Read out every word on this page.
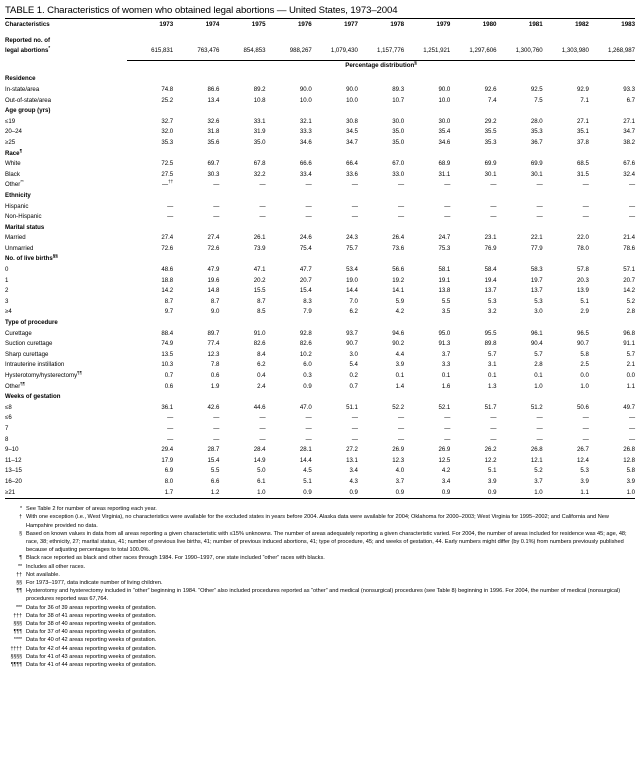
TABLE 1. Characteristics of women who obtained legal abortions — United States, 1973–2004

Characteristics	1973	1974	1975	1976	1977	1978	1979	1980	1981	1982	1983

Reported no. of											
legal abortions*	615,831	763,476	854,853	988,267	1,079,430	1,157,776	1,251,921	1,297,606	1,300,760	1,303,980	1,268,987

	Percentage distribution§

Residence											
In-state/area	74.8	86.6	89.2	90.0	90.0	89.3	90.0	92.6	92.5	92.9	93.3
Out-of-state/area	25.2	13.4	10.8	10.0	10.0	10.7	10.0	7.4	7.5	7.1	6.7
Age group (yrs)											
≤19	32.7	32.6	33.1	32.1	30.8	30.0	30.0	29.2	28.0	27.1	27.1
20–24	32.0	31.8	31.9	33.3	34.5	35.0	35.4	35.5	35.3	35.1	34.7
≥25	35.3	35.6	35.0	34.6	34.7	35.0	34.6	35.3	36.7	37.8	38.2
Race¶
White	72.5	69.7	67.8	66.6	66.4	67.0	68.9	69.9	69.9	68.5	67.6
Black	27.5	30.3	32.2	33.4	33.6	33.0	31.1	30.1	30.1	31.5	32.4
Other**	—††	—	—	—	—	—	—	—	—	—	—
Ethnicity											
Hispanic	—	—	—	—	—	—	—	—	—	—	—
Non-Hispanic	—	—	—	—	—	—	—	—	—	—	—
Marital status											
Married	27.4	27.4	26.1	24.6	24.3	26.4	24.7	23.1	22.1	22.0	21.4
Unmarried	72.6	72.6	73.9	75.4	75.7	73.6	75.3	76.9	77.9	78.0	78.6
No. of live births§§
0	48.6	47.9	47.1	47.7	53.4	56.6	58.1	58.4	58.3	57.8	57.1
1	18.8	19.6	20.2	20.7	19.0	19.2	19.1	19.4	19.7	20.3	20.7
2	14.2	14.8	15.5	15.4	14.4	14.1	13.8	13.7	13.7	13.9	14.2
3	8.7	8.7	8.7	8.3	7.0	5.9	5.5	5.3	5.3	5.1	5.2
≥4	9.7	9.0	8.5	7.9	6.2	4.2	3.5	3.2	3.0	2.9	2.8
Type of procedure											
Curettage	88.4	89.7	91.0	92.8	93.7	94.6	95.0	95.5	96.1	96.5	96.8
Suction curettage	74.9	77.4	82.6	82.6	90.7	90.2	91.3	89.8	90.4	90.7	91.1
Sharp curettage	13.5	12.3	8.4	10.2	3.0	4.4	3.7	5.7	5.7	5.8	5.7
Intrauterine instillation	10.3	7.8	6.2	6.0	5.4	3.9	3.3	3.1	2.8	2.5	2.1
Hysterotomy/hysterectomy¶¶	0.7	0.6	0.4	0.3	0.2	0.1	0.1	0.1	0.1	0.0	0.0
Other¶¶	0.6	1.9	2.4	0.9	0.7	1.4	1.6	1.3	1.0	1.0	1.1
Weeks of gestation											
≤8	36.1	42.6	44.6	47.0	51.1	52.2	52.1	51.7	51.2	50.6	49.7
≤6	—	—	—	—	—	—	—	—	—	—	—
7	—	—	—	—	—	—	—	—	—	—	—
8	—	—	—	—	—	—	—	—	—	—	—
9–10	29.4	28.7	28.4	28.1	27.2	26.9	26.9	26.2	26.8	26.7	26.8
11–12	17.9	15.4	14.9	14.4	13.1	12.3	12.5	12.2	12.1	12.4	12.8
13–15	6.9	5.5	5.0	4.5	3.4	4.0	4.2	5.1	5.2	5.3	5.8
16–20	8.0	6.6	6.1	5.1	4.3	3.7	3.4	3.9	3.7	3.9	3.9
≥21	1.7	1.2	1.0	0.9	0.9	0.9	0.9	0.9	1.0	1.1	1.0

* See Table 2 for number of areas reporting each year.
† With one exception (i.e., West Virginia), no characteristics were available for the excluded states in years before 2004. Alaska data were available for 2004; Oklahoma for 2000–2003; West Virginia for 1995–2002; and California and New Hampshire provided no data.
§ Based on known values in data from all areas reporting a given characteristic with ≤15% unknowns. The number of areas adequately reporting a given characteristic varied. For 2004, the number of areas included for residence was 45; age, 48; race, 38; ethnicity, 27; marital status, 41; number of previous live births, 41; number of previous induced abortions, 41; type of procedure, 45; and weeks of gestation, 44. Early numbers might differ (by 0.1%) from numbers previously published because of adjusting percentages to total 100.0%.
¶ Black race reported as black and other races through 1984. For 1990–1997, one state included “other” races with blacks.
** Includes all other races.
†† Not available.
§§ For 1973–1977, data indicate number of living children.
¶¶ Hysterotomy and hysterectomy included in “other” beginning in 1984. “Other” also included procedures reported as “other” and medical (nonsurgical) procedures (see Table 8) beginning in 1996. For 2004, the number of medical (nonsurgical) procedures reported was 67,764.
*** Data for 36 of 39 areas reporting weeks of gestation.
††† Data for 38 of 41 areas reporting weeks of gestation.
§§§ Data for 38 of 40 areas reporting weeks of gestation.
¶¶¶ Data for 37 of 40 areas reporting weeks of gestation.
**** Data for 40 of 42 areas reporting weeks of gestation.
†††† Data for 42 of 44 areas reporting weeks of gestation.
§§§§ Data for 41 of 43 areas reporting weeks of gestation.
¶¶¶¶ Data for 41 of 44 areas reporting weeks of gestation.
